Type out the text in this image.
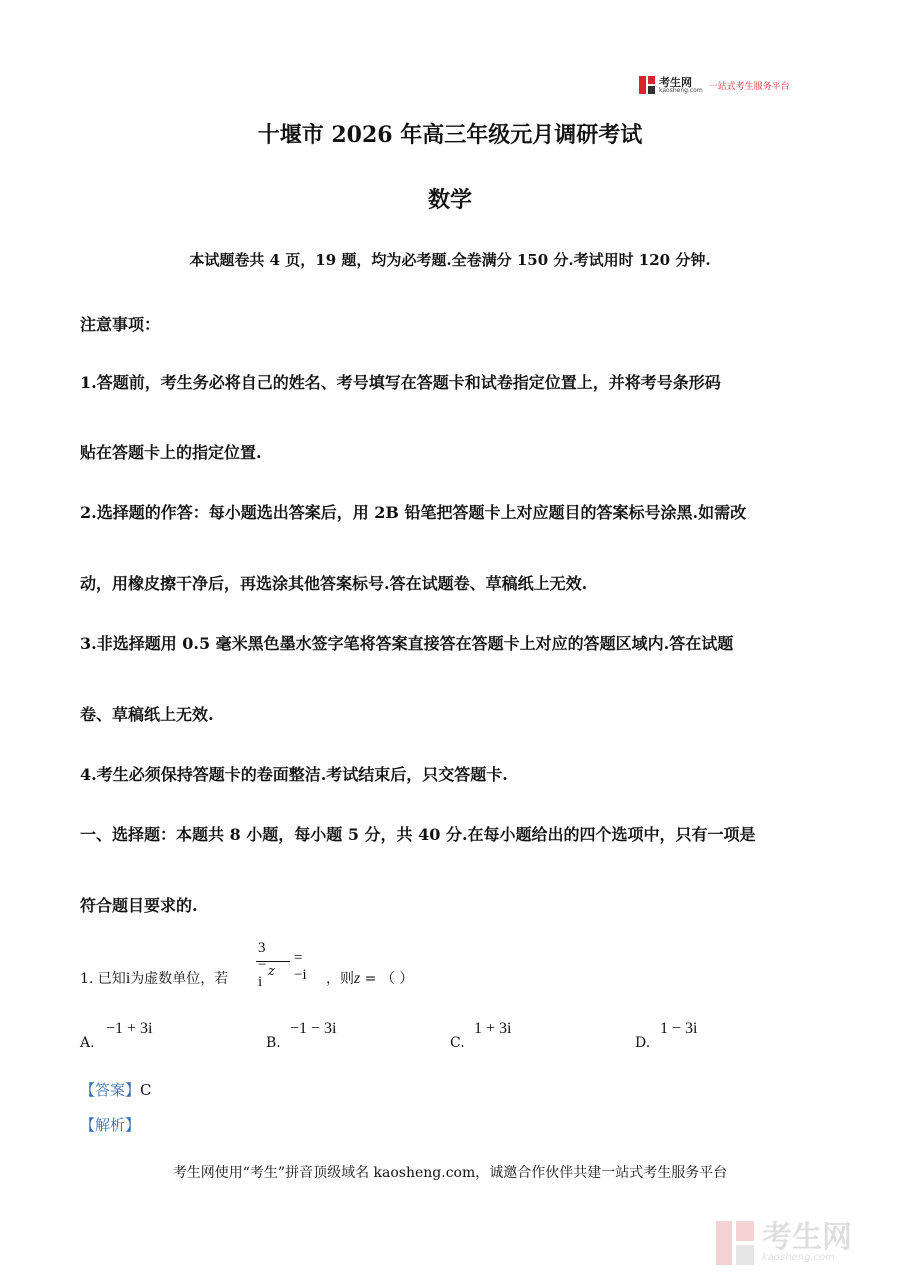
考生网
kaosheng.com 一站式考生服务平台
十堰市 2026 年高三年级元月调研考试
数学
本试题卷共 4 页，19 题，均为必考题.全卷满分 150 分.考试用时 120 分钟.
注意事项：
1.答题前，考生务必将自己的姓名、考号填写在答题卡和试卷指定位置上，并将考号条形码
贴在答题卡上的指定位置.
2.选择题的作答：每小题选出答案后，用 2B 铅笔把答题卡上对应题目的答案标号涂黑.如需改
动，用橡皮擦干净后，再选涂其他答案标号.答在试题卷、草稿纸上无效.
3.非选择题用 0.5 毫米黑色墨水签字笔将答案直接答在答题卡上对应的答题区域内.答在试题
卷、草稿纸上无效.
4.考生必须保持答题卡的卷面整洁.考试结束后，只交答题卡.
一、选择题：本题共 8 小题，每小题 5 分，共 40 分.在每小题给出的四个选项中，只有一项是
符合题目要求的.
1. 已知i为虚数单位，若
3 − i
z
= −i ，则z = （ ）
A.
−1 + 3i
B.
−1 − 3i
C.
1 + 3i
D.
1 − 3i
【答案】C
【解析】
考生网使用“考生”拼音顶级域名 kaosheng.com，诚邀合作伙伴共建一站式考生服务平台
考生网
kaosheng.com
